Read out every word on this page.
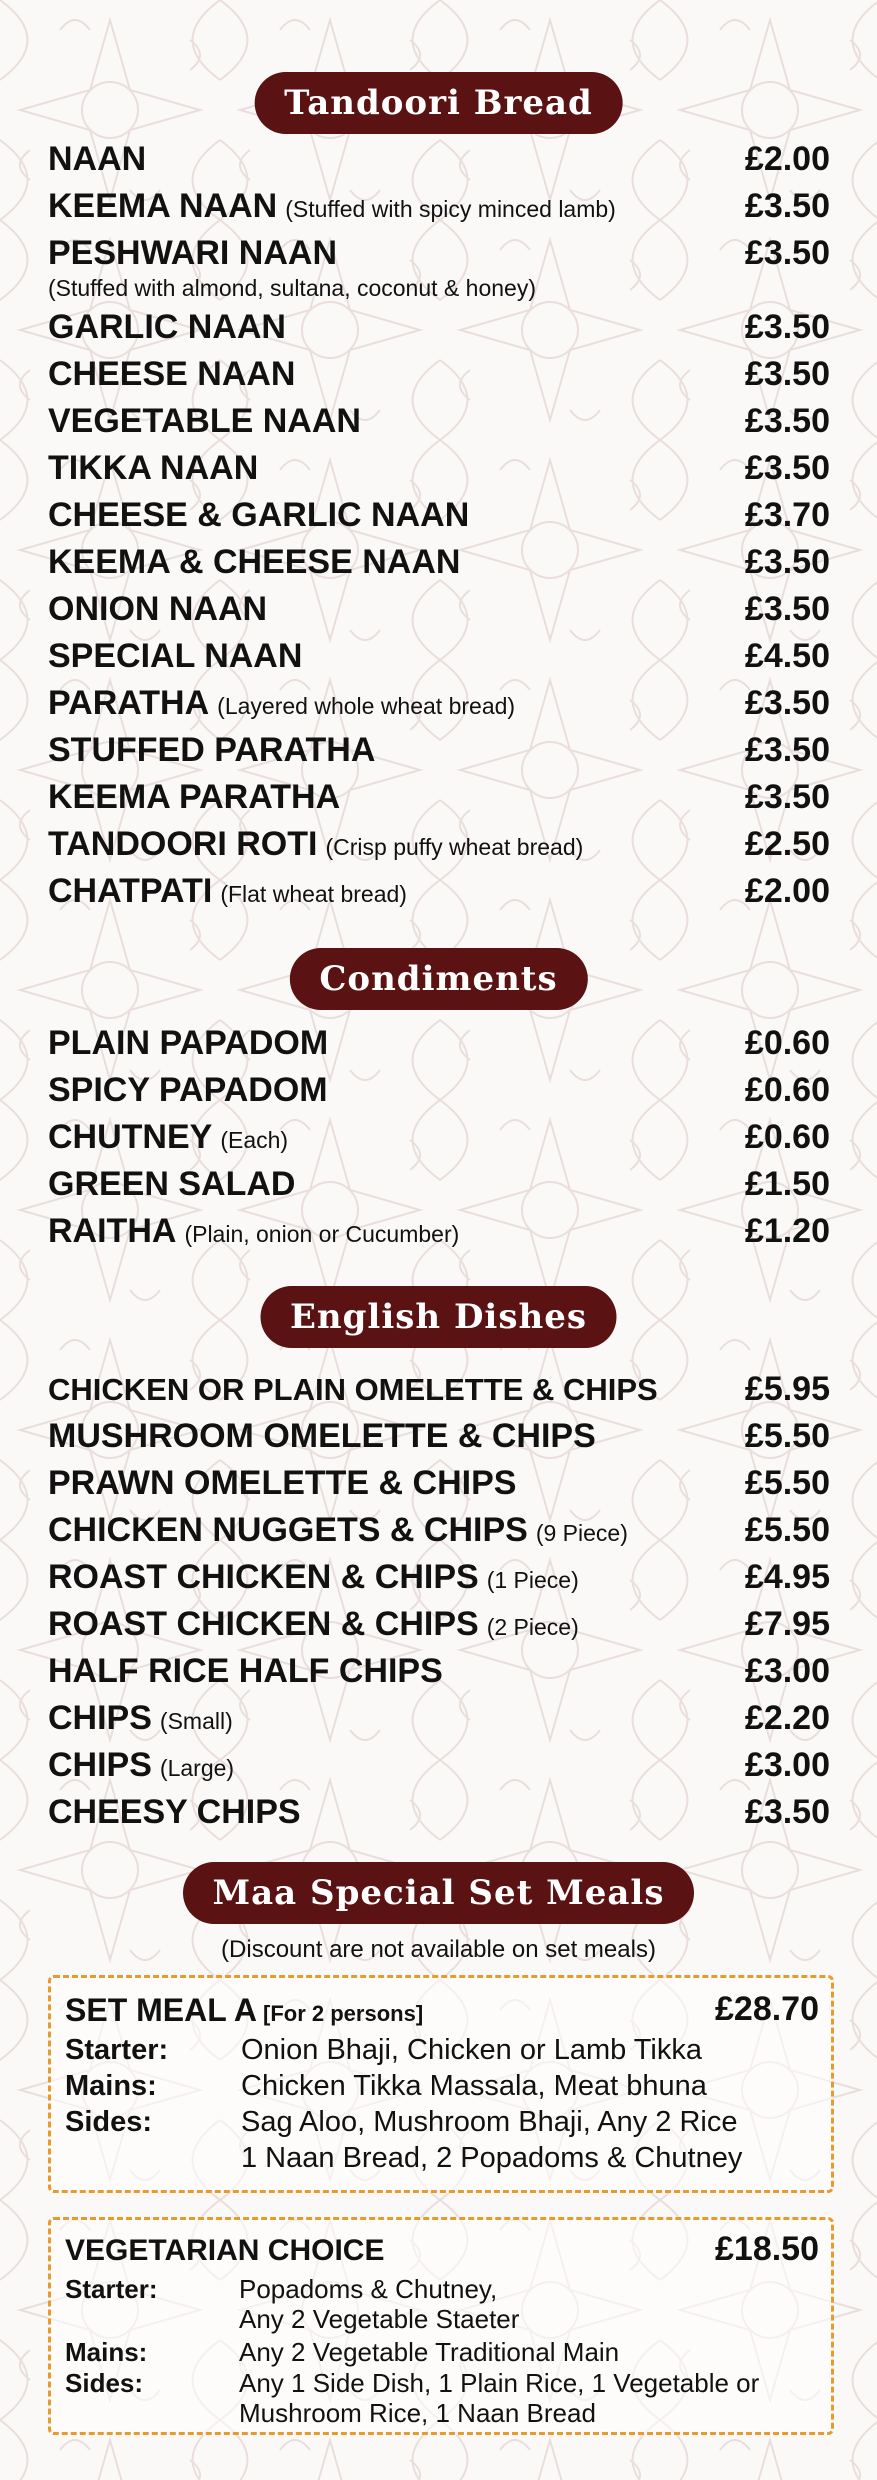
Tandoori Bread
NAAN	£2.00
KEEMA NAAN (Stuffed with spicy minced lamb)	£3.50
PESHWARI NAAN	£3.50
(Stuffed with almond, sultana, coconut & honey)
GARLIC NAAN	£3.50
CHEESE NAAN	£3.50
VEGETABLE NAAN	£3.50
TIKKA NAAN	£3.50
CHEESE & GARLIC NAAN	£3.70
KEEMA & CHEESE NAAN	£3.50
ONION NAAN	£3.50
SPECIAL NAAN	£4.50
PARATHA (Layered whole wheat bread)	£3.50
STUFFED PARATHA	£3.50
KEEMA PARATHA	£3.50
TANDOORI ROTI (Crisp puffy wheat bread)	£2.50
CHATPATI (Flat wheat bread)	£2.00
Condiments
PLAIN PAPADOM	£0.60
SPICY PAPADOM	£0.60
CHUTNEY (Each)	£0.60
GREEN SALAD	£1.50
RAITHA (Plain, onion or Cucumber)	£1.20
English Dishes
CHICKEN OR PLAIN OMELETTE & CHIPS	£5.95
MUSHROOM OMELETTE & CHIPS	£5.50
PRAWN OMELETTE & CHIPS	£5.50
CHICKEN NUGGETS & CHIPS (9 Piece)	£5.50
ROAST CHICKEN & CHIPS (1 Piece)	£4.95
ROAST CHICKEN & CHIPS (2 Piece)	£7.95
HALF RICE HALF CHIPS	£3.00
CHIPS (Small)	£2.20
CHIPS (Large)	£3.00
CHEESY CHIPS	£3.50
Maa Special Set Meals
(Discount are not available on set meals)
SET MEAL A [For 2 persons]	£28.70
Starter:	Onion Bhaji, Chicken or Lamb Tikka
Mains:	Chicken Tikka Massala, Meat bhuna
Sides:	Sag Aloo, Mushroom Bhaji, Any 2 Rice
1 Naan Bread, 2 Popadoms & Chutney
VEGETARIAN CHOICE	£18.50
Starter:	Popadoms & Chutney,
Any 2 Vegetable Staeter
Mains:	Any 2 Vegetable Traditional Main
Sides:	Any 1 Side Dish, 1 Plain Rice, 1 Vegetable or
Mushroom Rice, 1 Naan Bread
